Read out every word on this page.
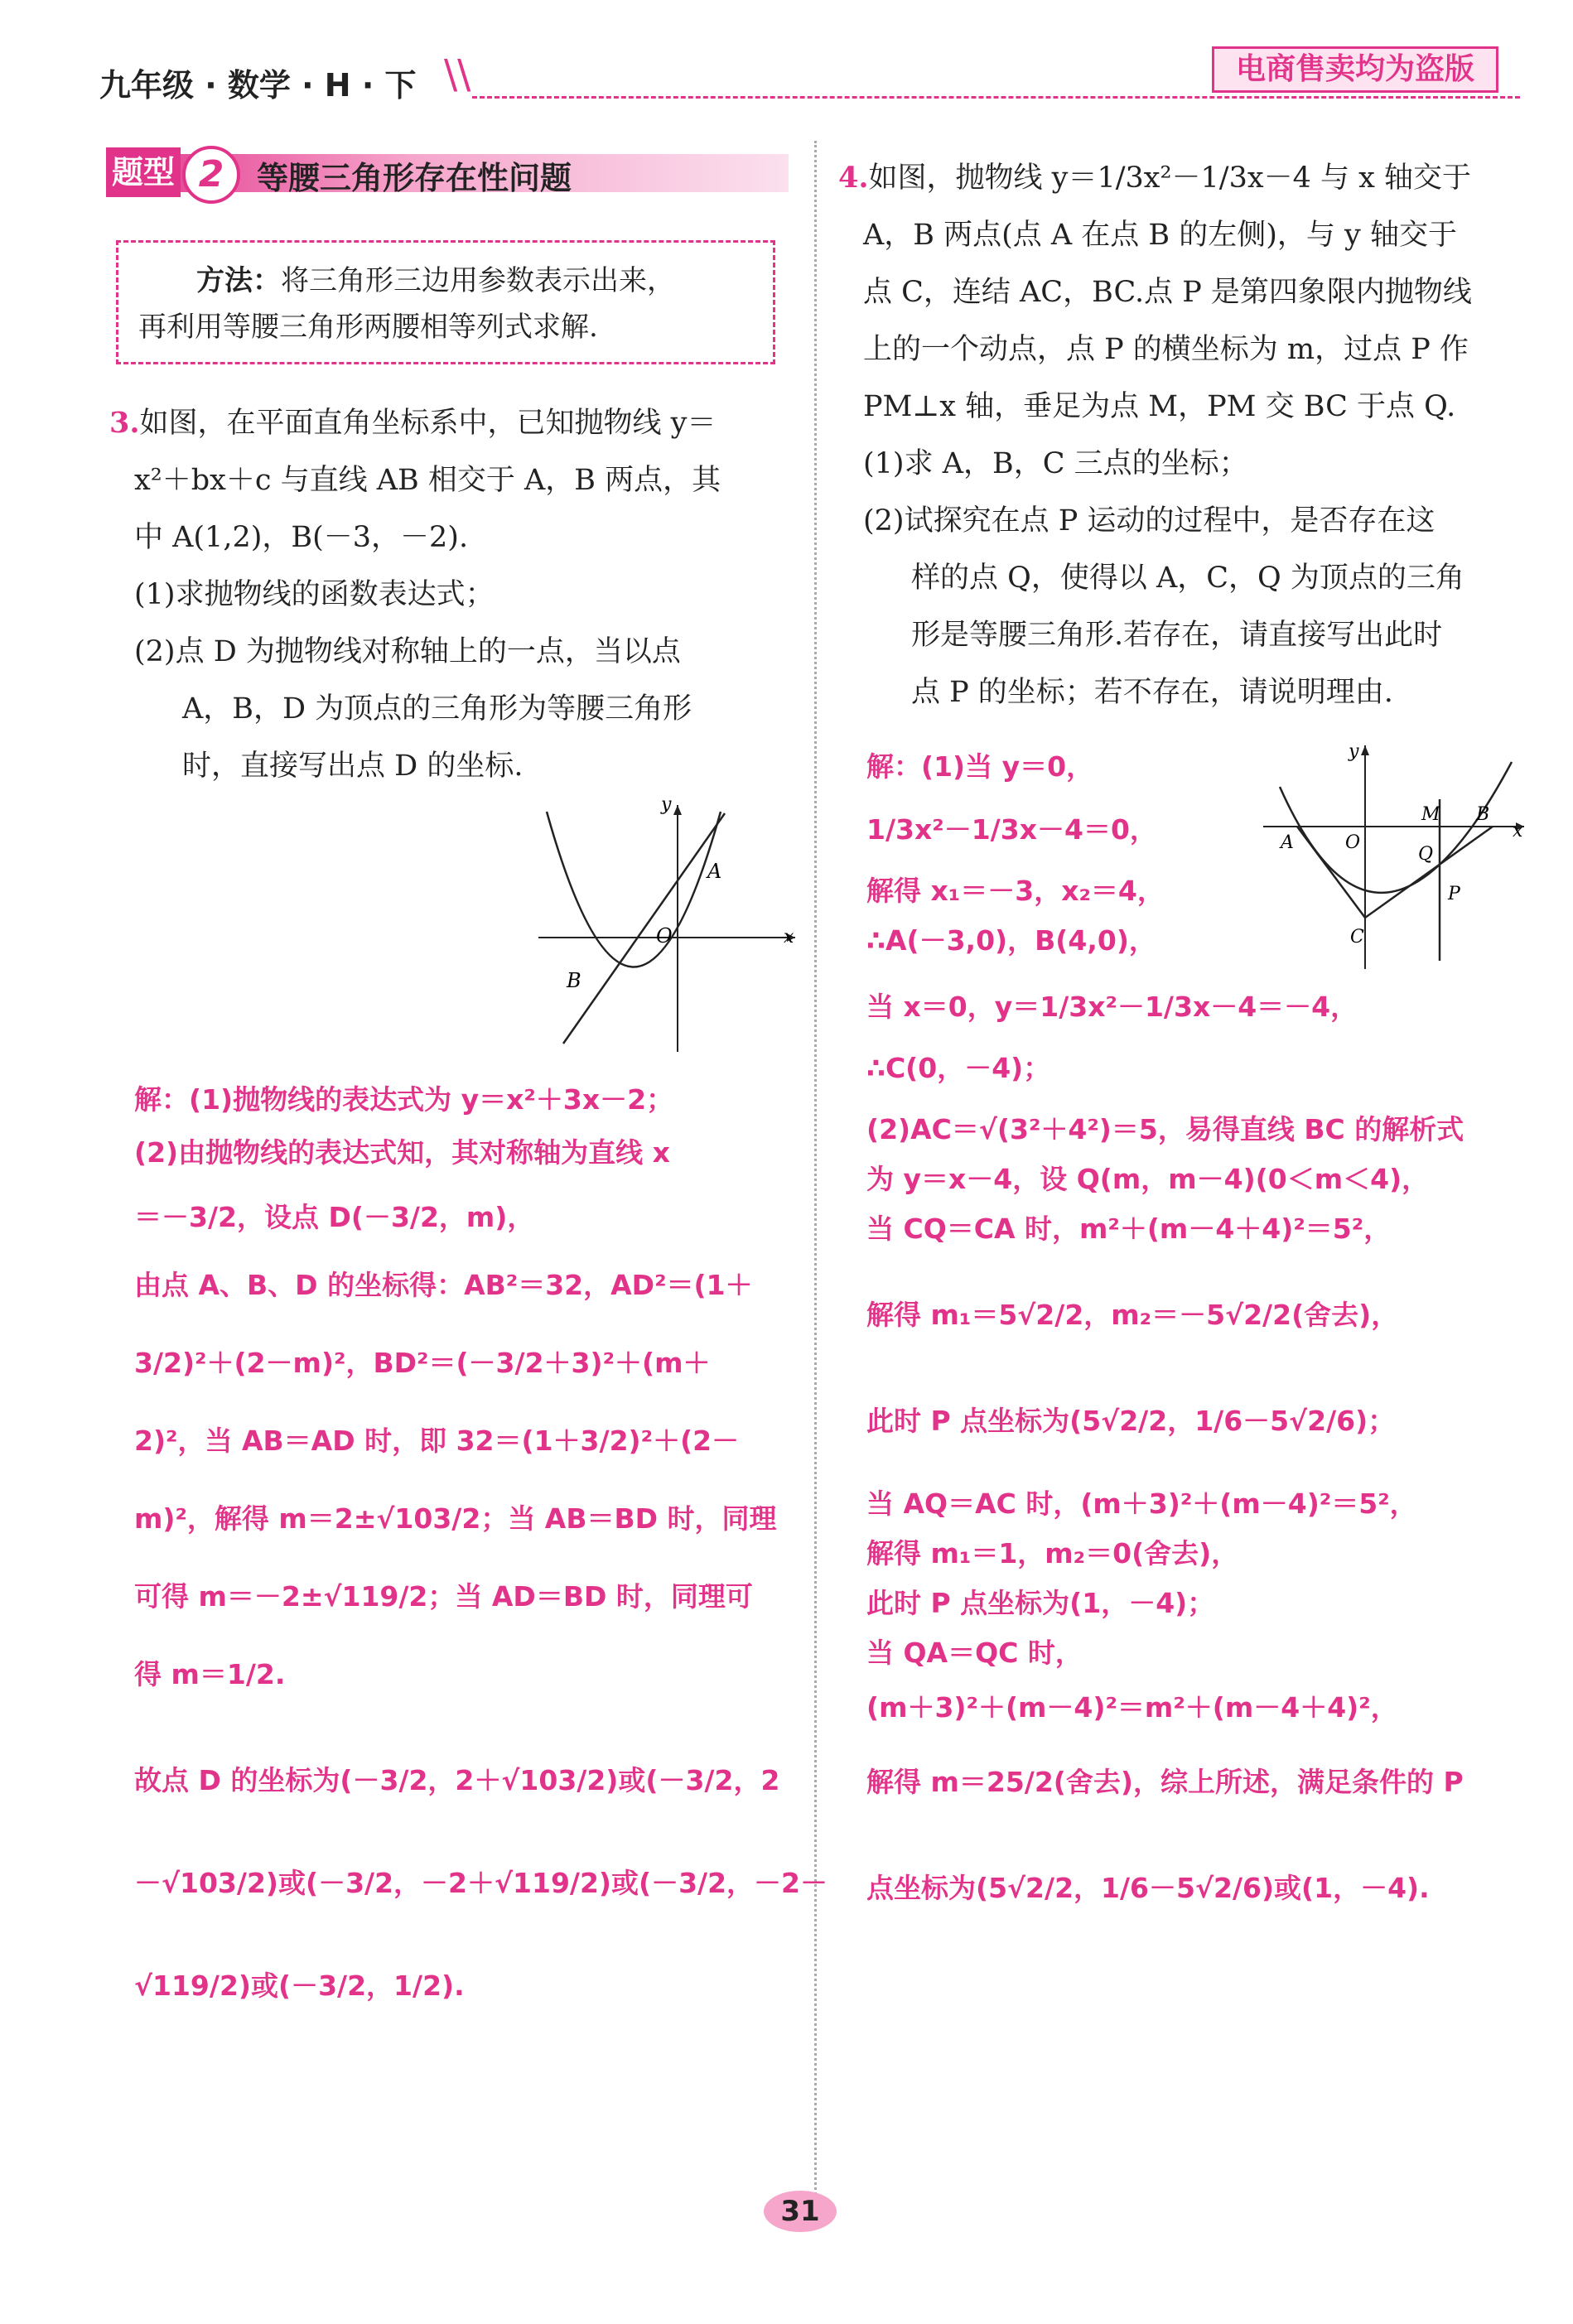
九年级 · 数学 · H · 下 \\	电商售卖均为盗版
题型 2	等腰三角形存在性问题
方法：将三角形三边用参数表示出来，
再利用等腰三角形两腰相等列式求解.
3.如图，在平面直角坐标系中，已知抛物线 y＝
x²＋bx＋c 与直线 AB 相交于 A，B 两点，其
中 A(1,2)，B(－3，－2).
(1)求抛物线的函数表达式；
(2)点 D 为抛物线对称轴上的一点，当以点
A，B，D 为顶点的三角形为等腰三角形
时，直接写出点 D 的坐标.
y
x
O
A
B
解：(1)抛物线的表达式为 y＝x²＋3x－2；
(2)由抛物线的表达式知，其对称轴为直线 x
＝－3/2，设点 D(－3/2，m)，
由点 A、B、D 的坐标得：AB²＝32，AD²＝(1＋
3/2)²＋(2－m)²，BD²＝(－3/2＋3)²＋(m＋
2)²，当 AB＝AD 时，即 32＝(1＋3/2)²＋(2－
m)²，解得 m＝2±√103/2；当 AB＝BD 时，同理
可得 m＝－2±√119/2；当 AD＝BD 时，同理可
得 m＝1/2.
故点 D 的坐标为(－3/2，2＋√103/2)或(－3/2，2
－√103/2)或(－3/2，－2＋√119/2)或(－3/2，－2－
√119/2)或(－3/2，1/2).
4.如图，抛物线 y＝1/3x²－1/3x－4 与 x 轴交于
A，B 两点(点 A 在点 B 的左侧)，与 y 轴交于
点 C，连结 AC，BC.点 P 是第四象限内抛物线
上的一个动点，点 P 的横坐标为 m，过点 P 作
PM⊥x 轴，垂足为点 M，PM 交 BC 于点 Q.
(1)求 A，B，C 三点的坐标；
(2)试探究在点 P 运动的过程中，是否存在这
样的点 Q，使得以 A，C，Q 为顶点的三角
形是等腰三角形.若存在，请直接写出此时
点 P 的坐标；若不存在，请说明理由.
y
x
O
A
B
C
M
Q
P
解：(1)当 y＝0，
1/3x²－1/3x－4＝0，
解得 x₁＝－3，x₂＝4，
∴A(－3,0)，B(4,0)，
当 x＝0，y＝1/3x²－1/3x－4＝－4，
∴C(0，－4)；
(2)AC＝√(3²＋4²)＝5，易得直线 BC 的解析式
为 y＝x－4，设 Q(m，m－4)(0＜m＜4)，
当 CQ＝CA 时，m²＋(m－4＋4)²＝5²，
解得 m₁＝5√2/2，m₂＝－5√2/2(舍去)，
此时 P 点坐标为(5√2/2，1/6－5√2/6)；
当 AQ＝AC 时，(m＋3)²＋(m－4)²＝5²，
解得 m₁＝1，m₂＝0(舍去)，
此时 P 点坐标为(1，－4)；
当 QA＝QC 时，
(m＋3)²＋(m－4)²＝m²＋(m－4＋4)²，
解得 m＝25/2(舍去)，综上所述，满足条件的 P
点坐标为(5√2/2，1/6－5√2/6)或(1，－4).
31
